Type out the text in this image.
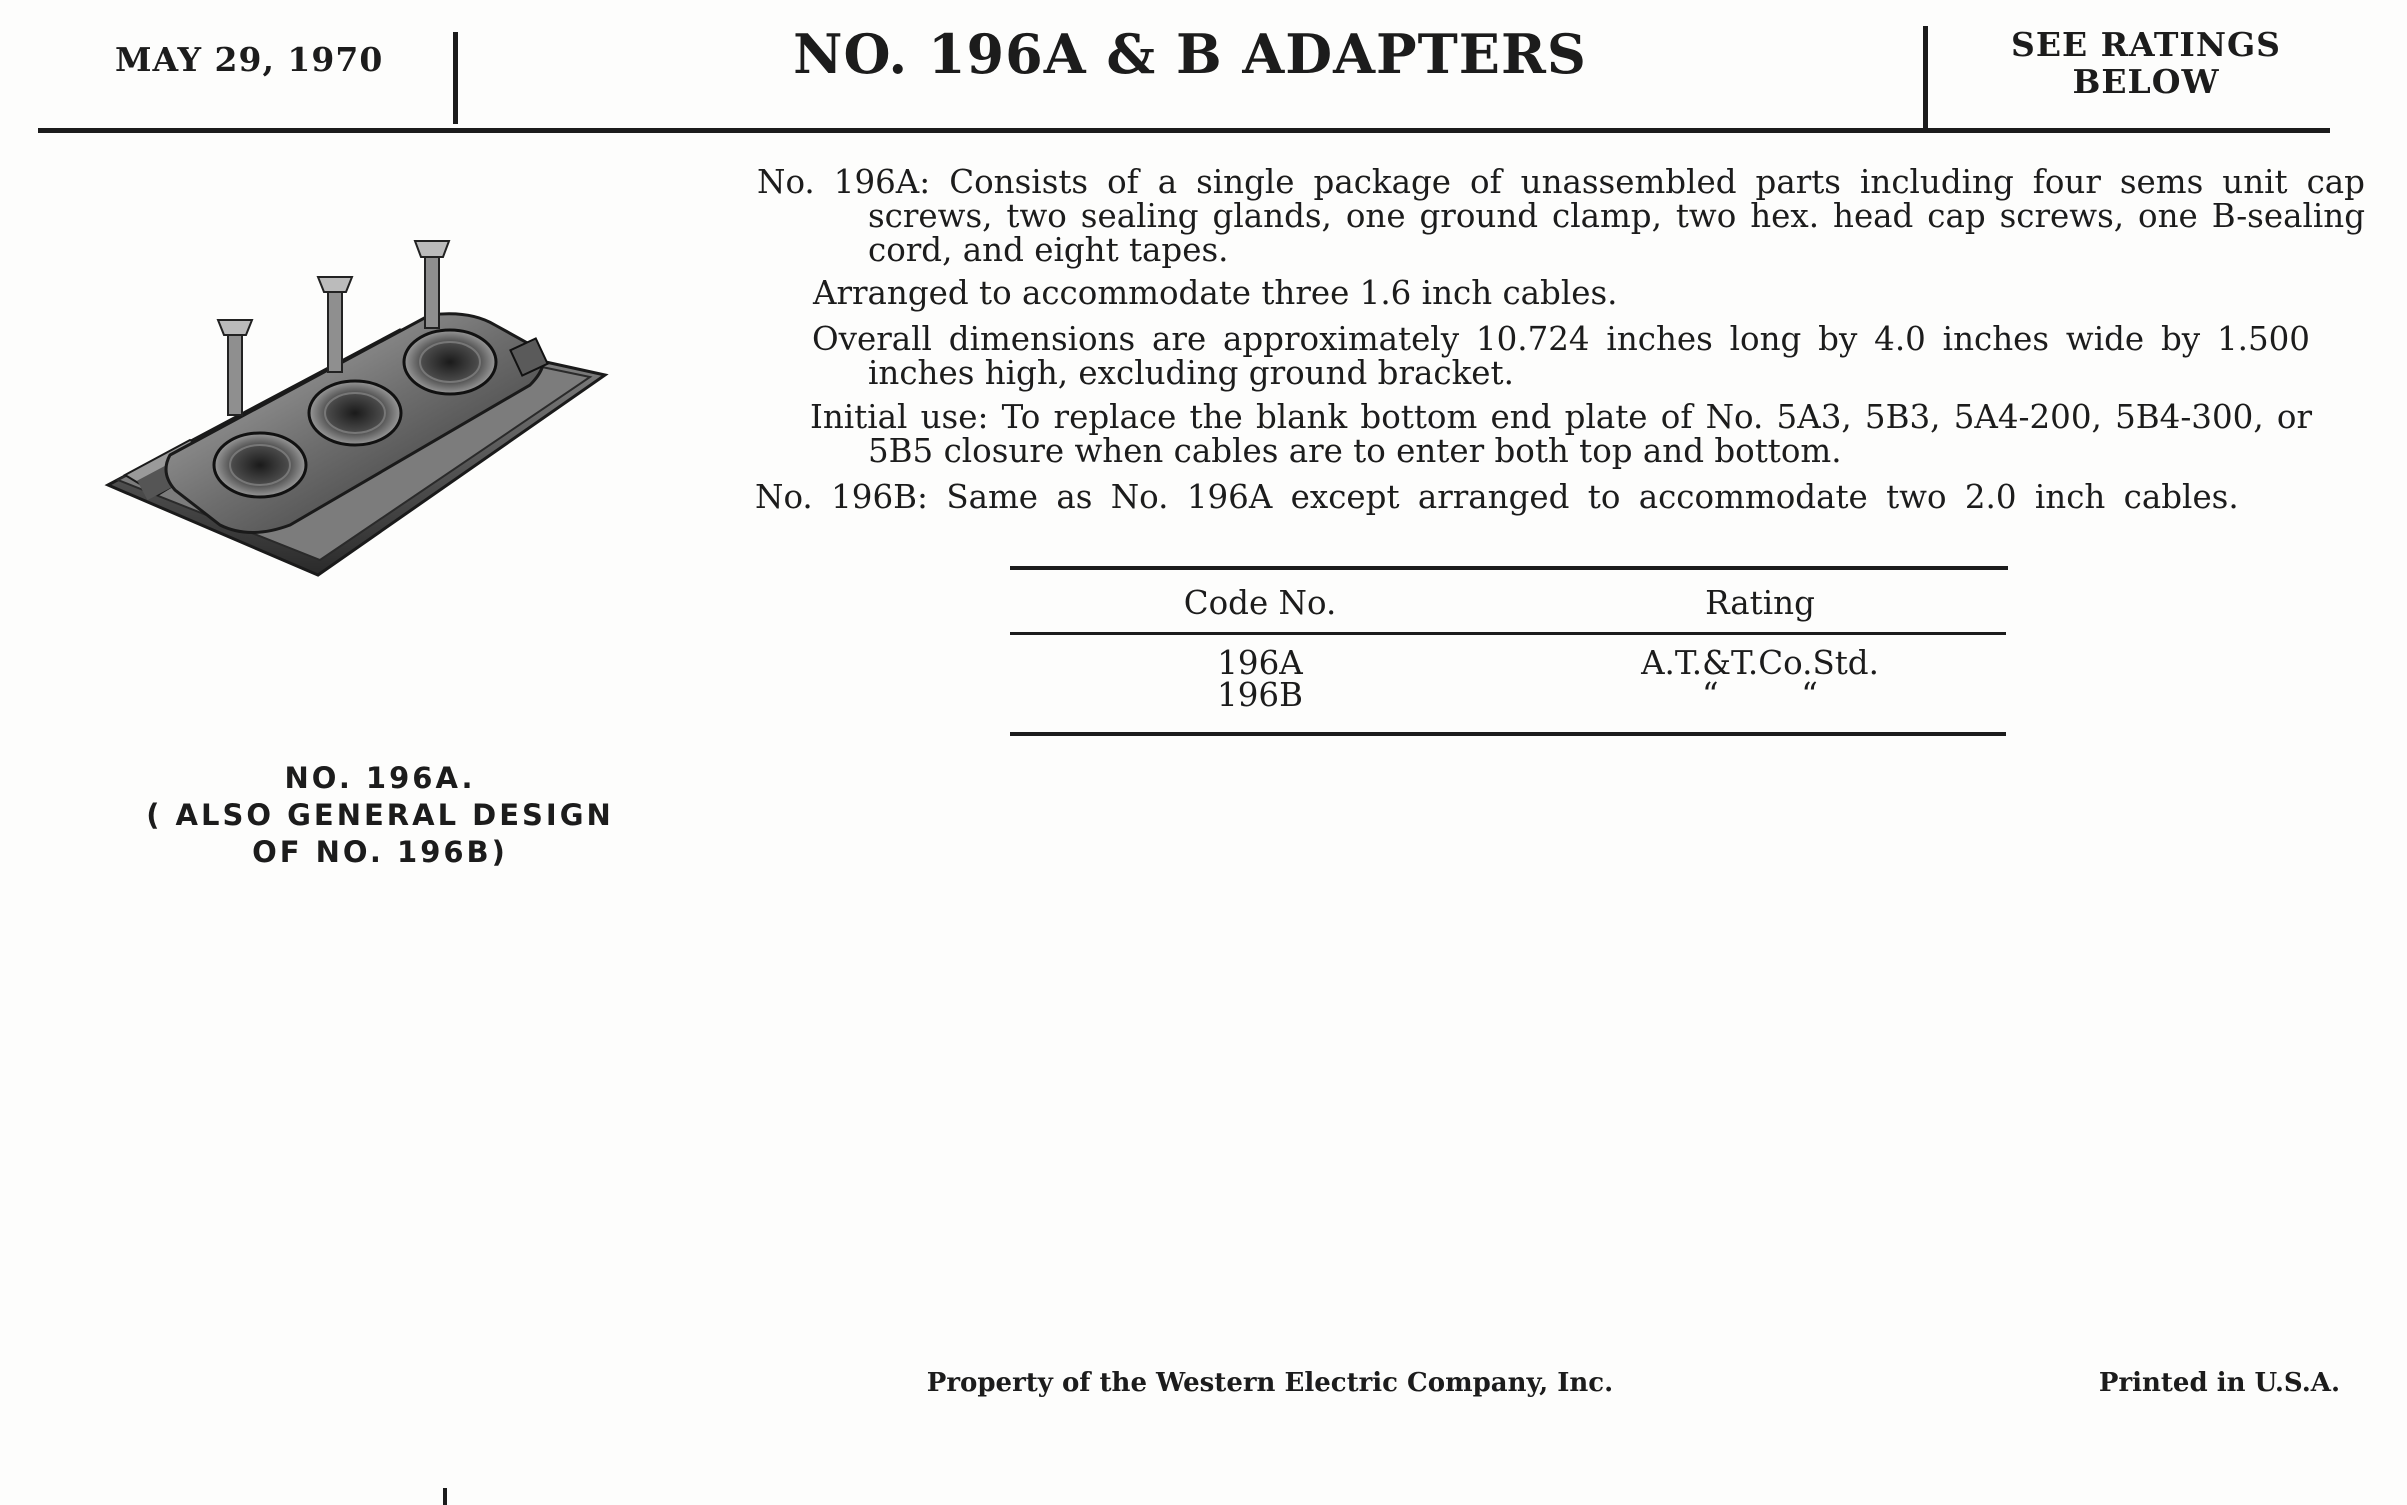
MAY 29, 1970	NO. 196A & B ADAPTERS	SEE RATINGS
BELOW
NO. 196A.
( ALSO GENERAL DESIGN
OF NO. 196B)
No. 196A: Consists of a single package of unassembled parts including four sems unit cap screws, two sealing glands, one ground clamp, two hex. head cap screws, one B-sealing cord, and eight tapes.
Arranged to accommodate three 1.6 inch cables.
Overall dimensions are approximately 10.724 inches long by 4.0 inches wide by 1.500 inches high, excluding ground bracket.
Initial use: To replace the blank bottom end plate of No. 5A3, 5B3, 5A4-200, 5B4-300, or 5B5 closure when cables are to enter both top and bottom.
No. 196B: Same as No. 196A except arranged to accommodate two 2.0 inch cables.
Code No.	Rating
196A	A.T.&T.Co.Std.
196B	“        “
Property of the Western Electric Company, Inc.	Printed in U.S.A.
